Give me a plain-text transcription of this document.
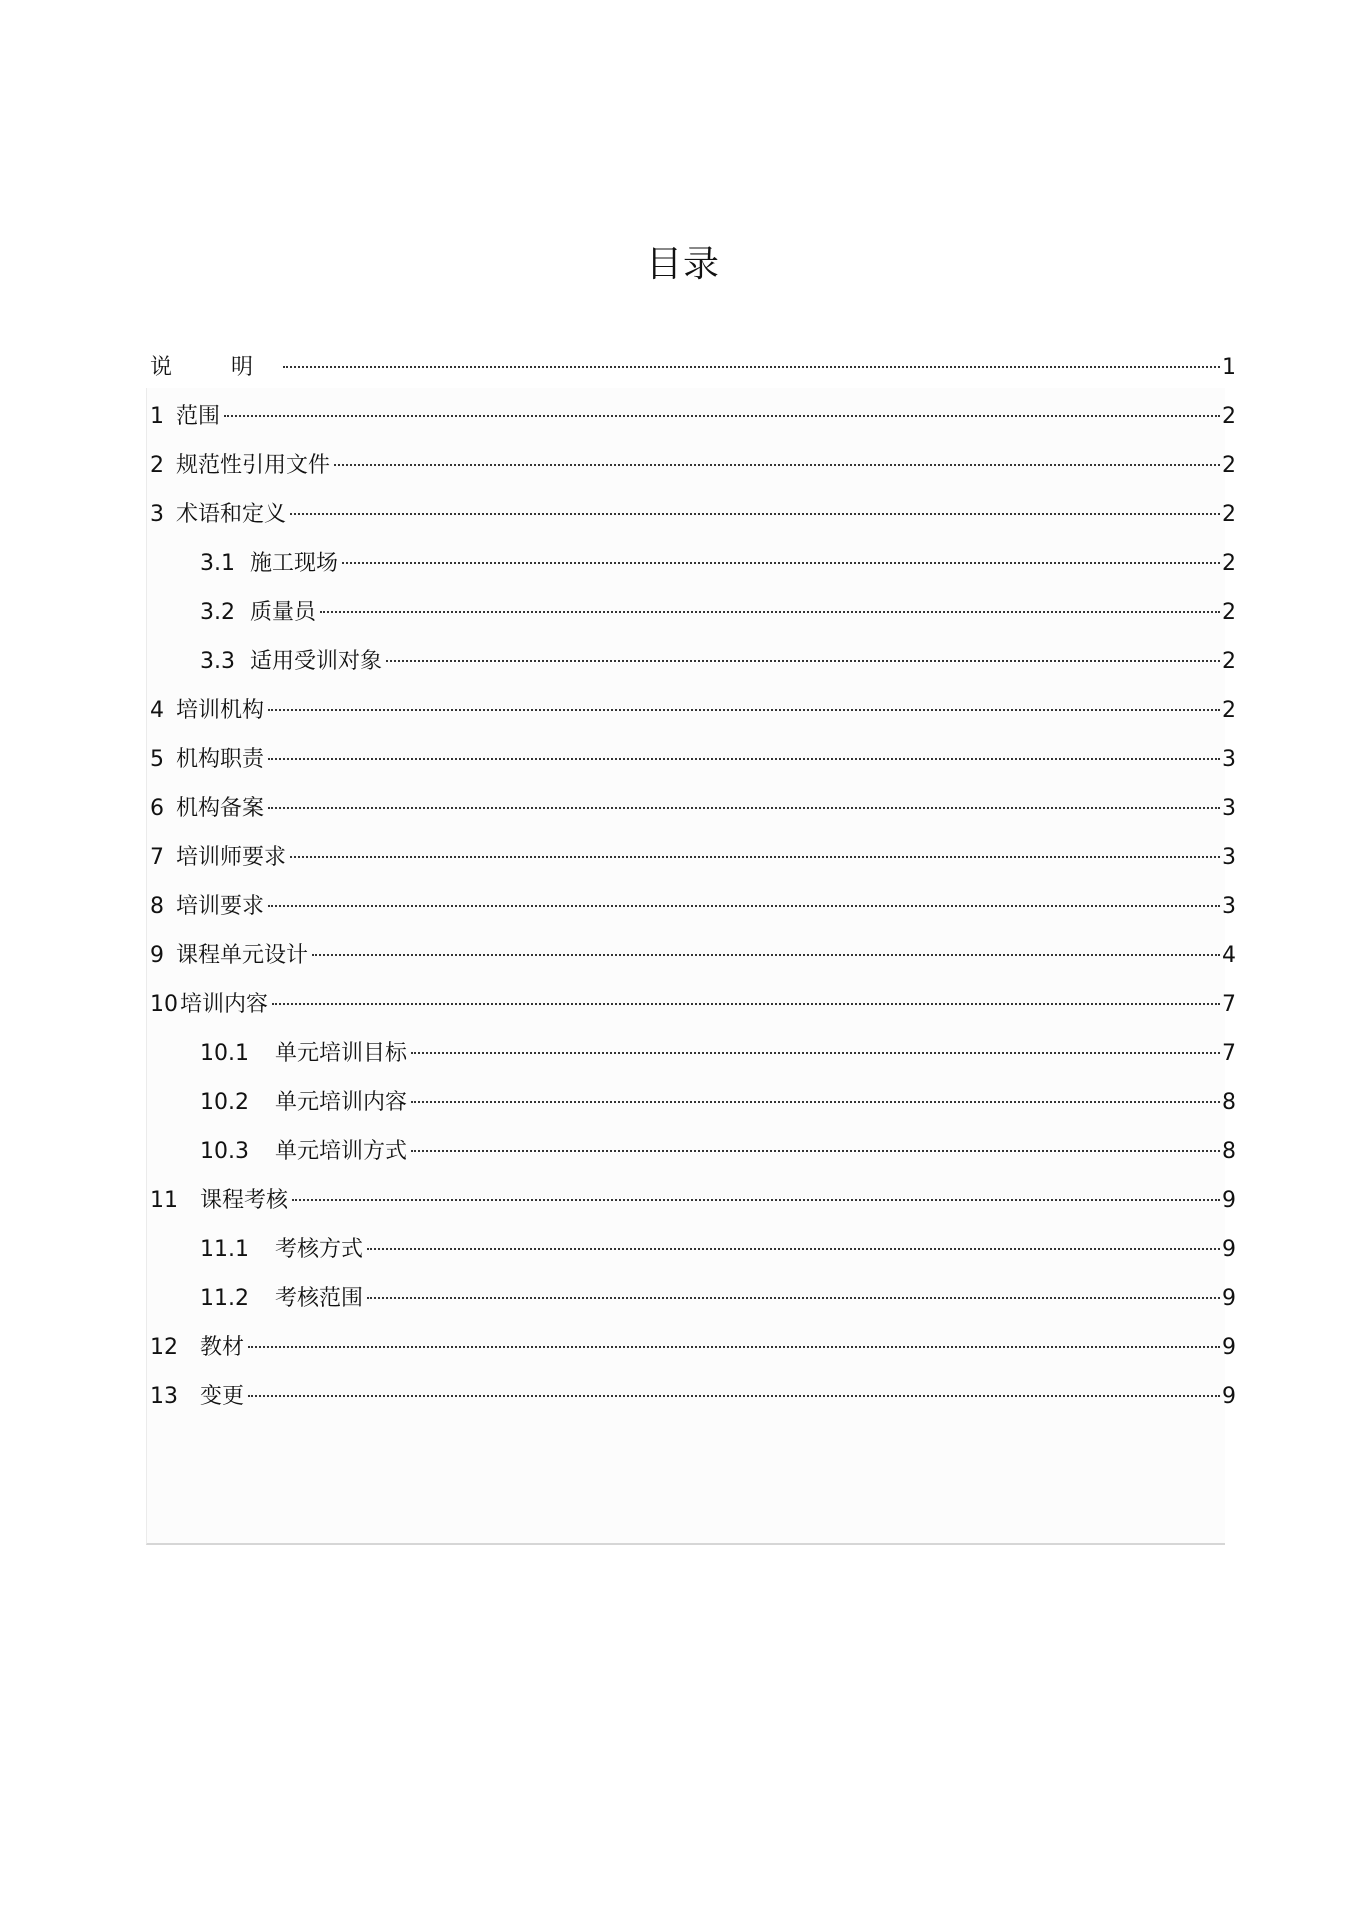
目录
说 明	1
1 范围	2
2 规范性引用文件	2
3 术语和定义	2
3.1 施工现场	2
3.2 质量员	2
3.3 适用受训对象	2
4 培训机构	2
5 机构职责	3
6 机构备案	3
7 培训师要求	3
8 培训要求	3
9 课程单元设计	4
10培训内容	7
10.1 单元培训目标	7
10.2 单元培训内容	8
10.3 单元培训方式	8
11 课程考核	9
11.1 考核方式	9
11.2 考核范围	9
12 教材	9
13 变更	9
